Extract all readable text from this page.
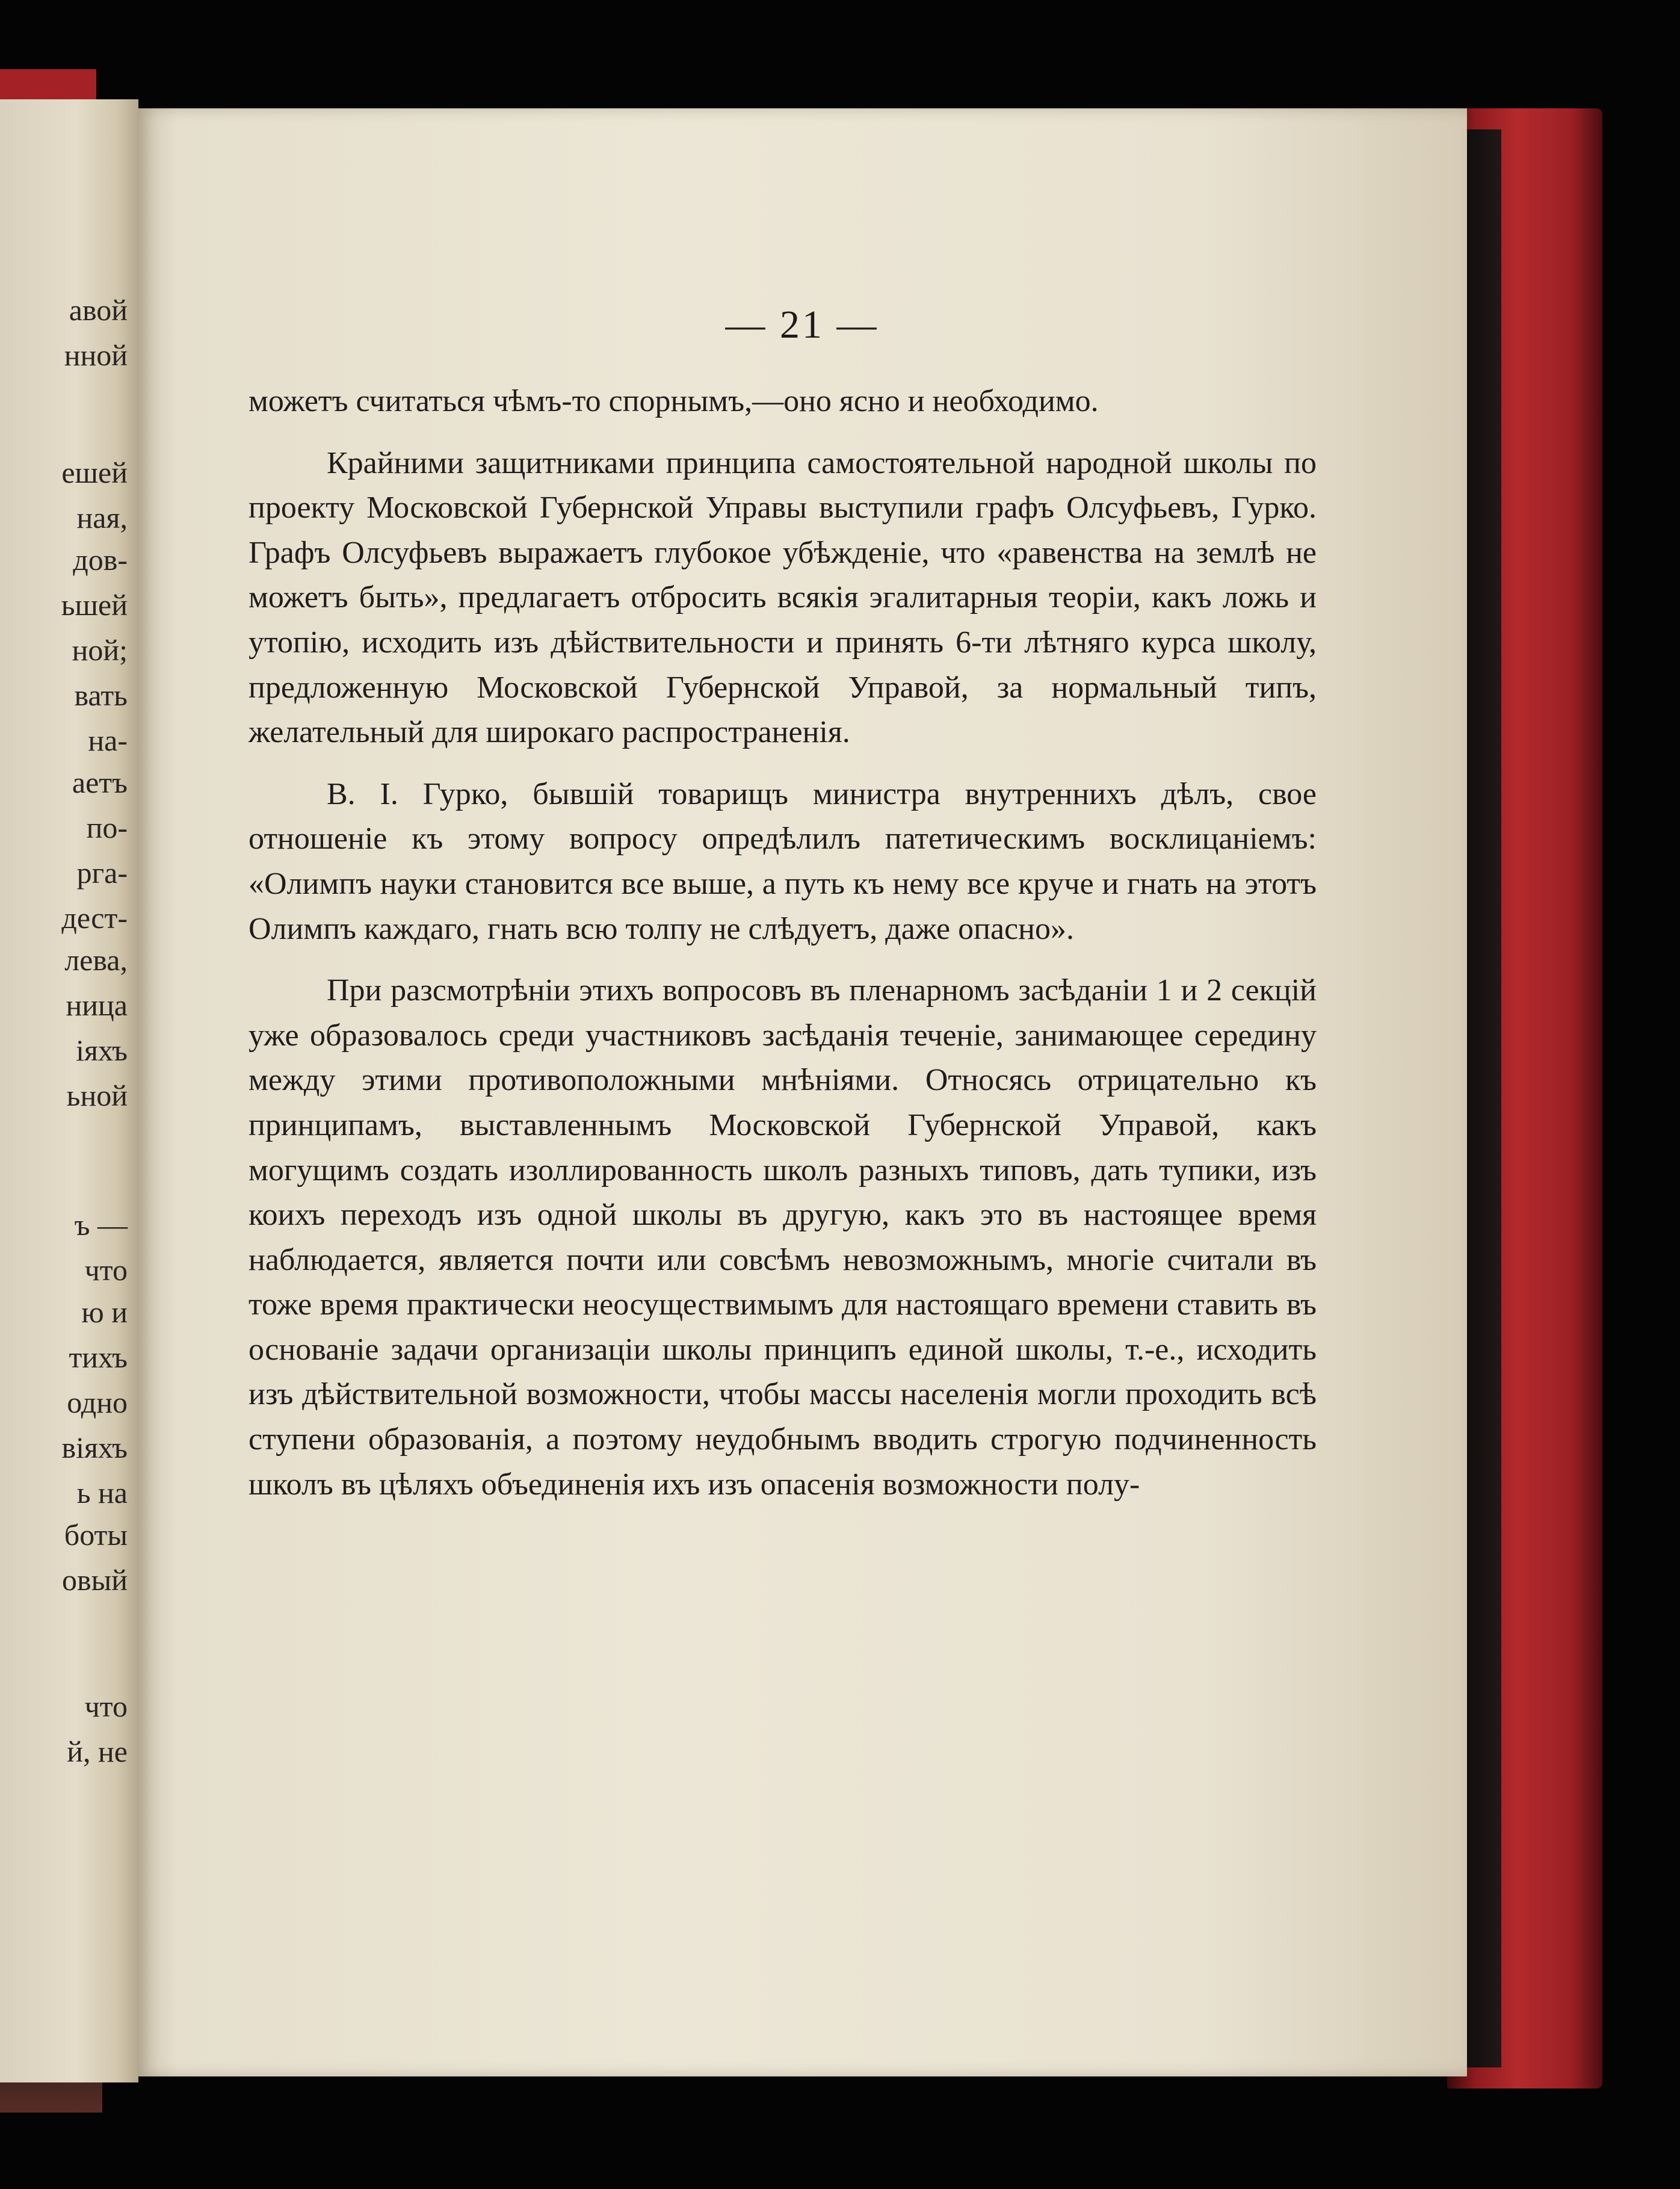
авой
нной
ешей
ная,
дов-
ьшей
ной;
вать
на-
аетъ
по-
рга-
дест-
лева,
ница
іяхъ
ьной
ъ —
что
ю и
тихъ
одно
віяхъ
ь на
боты
овый
что
й, не
— 21 —

можетъ считаться чѣмъ-то спорнымъ,—оно ясно и необходимо.

Крайними защитниками принципа самостоятельной народной школы по проекту Московской Губернской Управы выступили графъ Олсуфьевъ, Гурко. Графъ Олсуфьевъ выражаетъ глубокое убѣжденіе, что «равенства на землѣ не можетъ быть», предлагаетъ отбросить всякія эгалитарныя теоріи, какъ ложь и утопію, исходить изъ дѣйствительности и принять 6-ти лѣтняго курса школу, предложенную Московской Губернской Управой, за нормальный типъ, желательный для широкаго распространенія.

В. І. Гурко, бывшій товарищъ министра внутреннихъ дѣлъ, свое отношеніе къ этому вопросу опредѣлилъ патетическимъ восклицаніемъ: «Олимпъ науки становится все выше, а путь къ нему все круче и гнать на этотъ Олимпъ каждаго, гнать всю толпу не слѣдуетъ, даже опасно».

При разсмотрѣніи этихъ вопросовъ въ пленарномъ засѣданіи 1 и 2 секцій уже образовалось среди участниковъ засѣданія теченіе, занимающее середину между этими противоположными мнѣніями. Относясь отрицательно къ принципамъ, выставленнымъ Московской Губернской Управой, какъ могущимъ создать изоллированность школъ разныхъ типовъ, дать тупики, изъ коихъ переходъ изъ одной школы въ другую, какъ это въ настоящее время наблюдается, является почти или совсѣмъ невозможнымъ, многіе считали въ тоже время практически неосуществимымъ для настоящаго времени ставить въ основаніе задачи организаціи школы принципъ единой школы, т.-е., исходить изъ дѣйствительной возможности, чтобы массы населенія могли проходить всѣ ступени образованія, а поэтому неудобнымъ вводить строгую подчиненность школъ въ цѣляхъ объединенія ихъ изъ опасенія возможности полу-
